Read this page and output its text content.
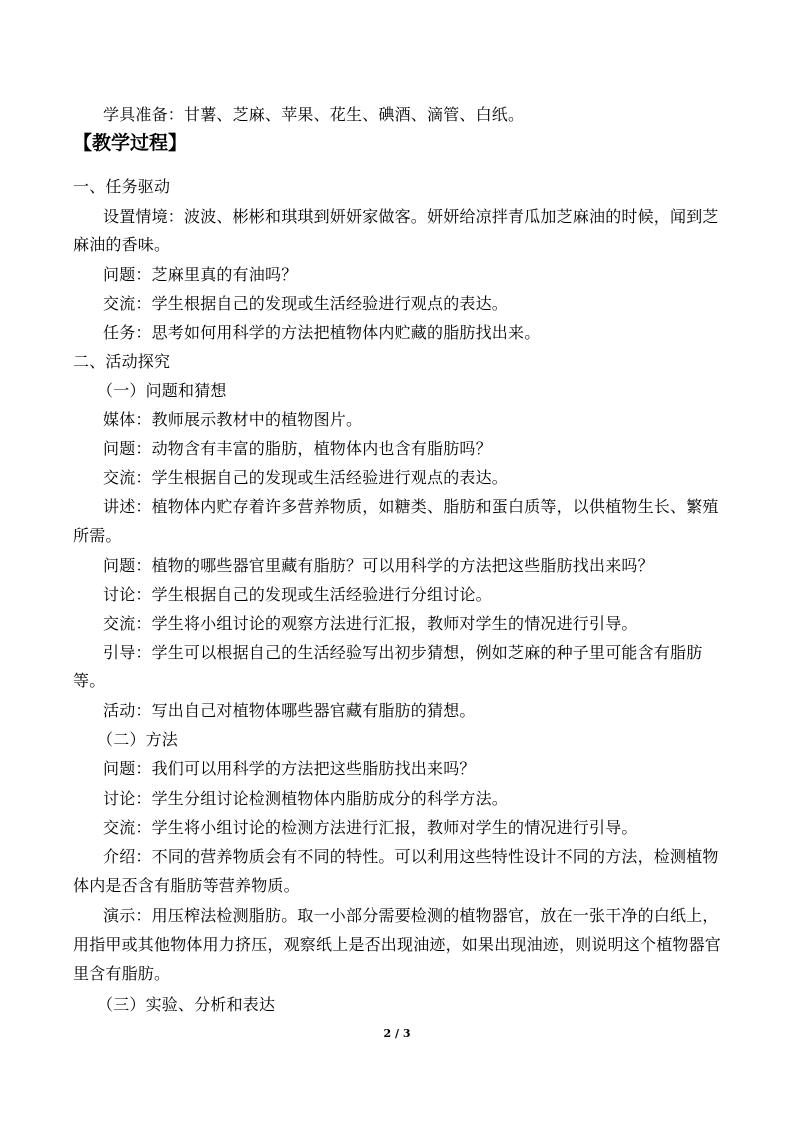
学具准备：甘薯、芝麻、苹果、花生、碘酒、滴管、白纸。
【教学过程】
一、任务驱动
设置情境：波波、彬彬和琪琪到妍妍家做客。妍妍给凉拌青瓜加芝麻油的时候，闻到芝
麻油的香味。
问题：芝麻里真的有油吗？
交流：学生根据自己的发现或生活经验进行观点的表达。
任务：思考如何用科学的方法把植物体内贮藏的脂肪找出来。
二、活动探究
（一）问题和猜想
媒体：教师展示教材中的植物图片。
问题：动物含有丰富的脂肪，植物体内也含有脂肪吗？
交流：学生根据自己的发现或生活经验进行观点的表达。
讲述：植物体内贮存着许多营养物质，如糖类、脂肪和蛋白质等，以供植物生长、繁殖
所需。
问题：植物的哪些器官里藏有脂肪？可以用科学的方法把这些脂肪找出来吗？
讨论：学生根据自己的发现或生活经验进行分组讨论。
交流：学生将小组讨论的观察方法进行汇报，教师对学生的情况进行引导。
引导：学生可以根据自己的生活经验写出初步猜想，例如芝麻的种子里可能含有脂肪
等。
活动：写出自己对植物体哪些器官藏有脂肪的猜想。
（二）方法
问题：我们可以用科学的方法把这些脂肪找出来吗？
讨论：学生分组讨论检测植物体内脂肪成分的科学方法。
交流：学生将小组讨论的检测方法进行汇报，教师对学生的情况进行引导。
介绍：不同的营养物质会有不同的特性。可以利用这些特性设计不同的方法，检测植物
体内是否含有脂肪等营养物质。
演示：用压榨法检测脂肪。取一小部分需要检测的植物器官，放在一张干净的白纸上，
用指甲或其他物体用力挤压，观察纸上是否出现油迹，如果出现油迹，则说明这个植物器官
里含有脂肪。
（三）实验、分析和表达
2 / 3
